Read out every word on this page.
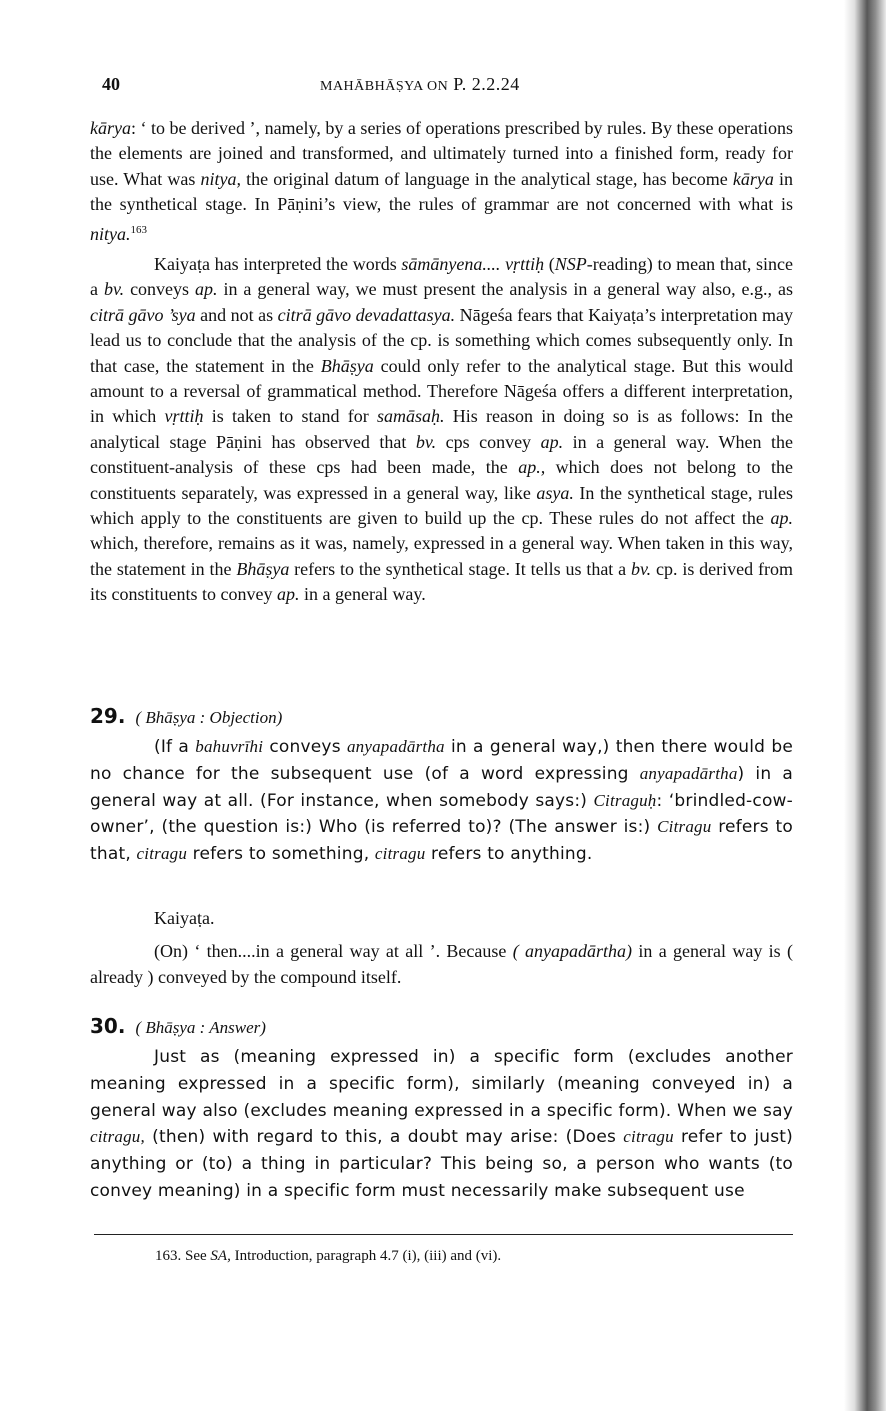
40	MAHĀBHĀṢYA ON P. 2.2.24

kārya: ‘ to be derived ’, namely, by a series of operations prescribed by rules. By these operations the elements are joined and transformed, and ultimately turned into a finished form, ready for use. What was nitya, the original datum of language in the analytical stage, has become kārya in the synthetical stage. In Pāṇini’s view, the rules of grammar are not concerned with what is nitya.$^{163}$

Kaiyaṭa has interpreted the words sāmānyena.... vṛttiḥ (NSP-reading) to mean that, since a bv. conveys ap. in a general way, we must present the analysis in a general way also, e.g., as citrā gāvo ’sya and not as citrā gāvo devadattasya. Nāgeśa fears that Kaiyaṭa’s interpretation may lead us to conclude that the analysis of the cp. is something which comes subsequently only. In that case, the statement in the Bhāṣya could only refer to the analytical stage. But this would amount to a reversal of grammatical method. Therefore Nāgeśa offers a different interpretation, in which vṛttiḥ is taken to stand for samāsaḥ. His reason in doing so is as follows: In the analytical stage Pāṇini has observed that bv. cps convey ap. in a general way. When the constituent-analysis of these cps had been made, the ap., which does not belong to the constituents separately, was expressed in a general way, like asya. In the synthetical stage, rules which apply to the constituents are given to build up the cp. These rules do not affect the ap. which, therefore, remains as it was, namely, expressed in a general way. When taken in this way, the statement in the Bhāṣya refers to the synthetical stage. It tells us that a bv. cp. is derived from its constituents to convey ap. in a general way.

29. ( Bhāṣya : Objection)

(If a bahuvrīhi conveys anyapadārtha in a general way,) then there would be no chance for the subsequent use (of a word expressing anyapadārtha) in a general way at all. (For instance, when somebody says:) Citraguḥ: ‘brindled-cow-owner’, (the question is:) Who (is referred to)? (The answer is:) Citragu refers to that, citragu refers to something, citragu refers to anything.

Kaiyaṭa.

(On) ‘ then....in a general way at all ’. Because ( anyapadārtha) in a general way is ( already ) conveyed by the compound itself.

30. ( Bhāṣya : Answer)

Just as (meaning expressed in) a specific form (excludes another meaning expressed in a specific form), similarly (meaning conveyed in) a general way also (excludes meaning expressed in a specific form). When we say citragu, (then) with regard to this, a doubt may arise: (Does citragu refer to just) anything or (to) a thing in particular? This being so, a person who wants (to convey meaning) in a specific form must necessarily make subsequent use

163. See SA, Introduction, paragraph 4.7 (i), (iii) and (vi).
